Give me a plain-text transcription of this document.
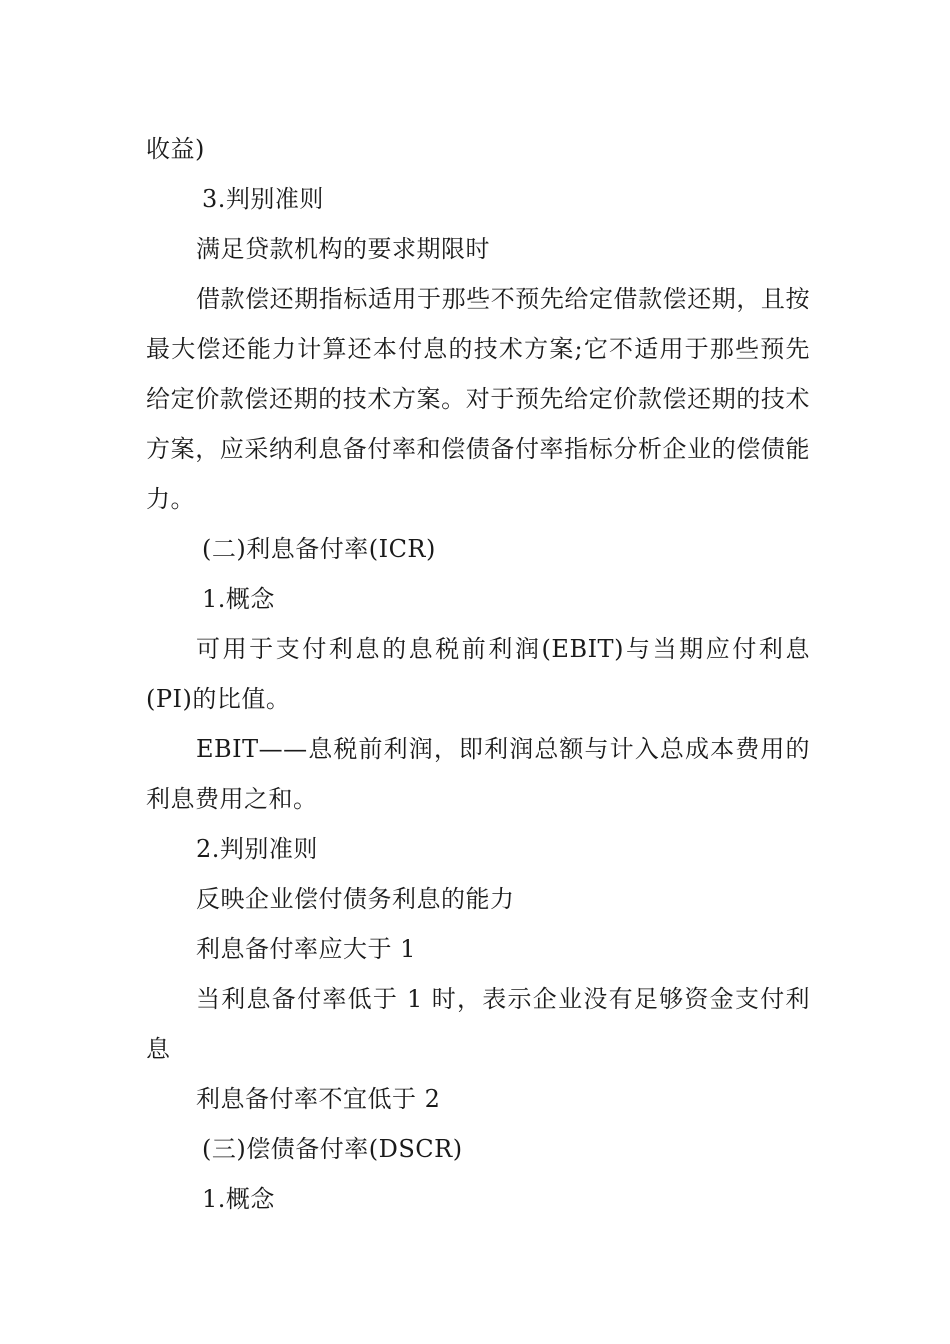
收益)

3.判别准则

满足贷款机构的要求期限时

借款偿还期指标适用于那些不预先给定借款偿还期，且按最大偿还能力计算还本付息的技术方案;它不适用于那些预先给定价款偿还期的技术方案。对于预先给定价款偿还期的技术方案，应采纳利息备付率和偿债备付率指标分析企业的偿债能力。

(二)利息备付率(ICR)

1.概念

可用于支付利息的息税前利润(EBIT)与当期应付利息(PI)的比值。

EBIT——息税前利润，即利润总额与计入总成本费用的利息费用之和。

2.判别准则

反映企业偿付债务利息的能力

利息备付率应大于 1

当利息备付率低于 1 时，表示企业没有足够资金支付利息

利息备付率不宜低于 2

(三)偿债备付率(DSCR)

1.概念
